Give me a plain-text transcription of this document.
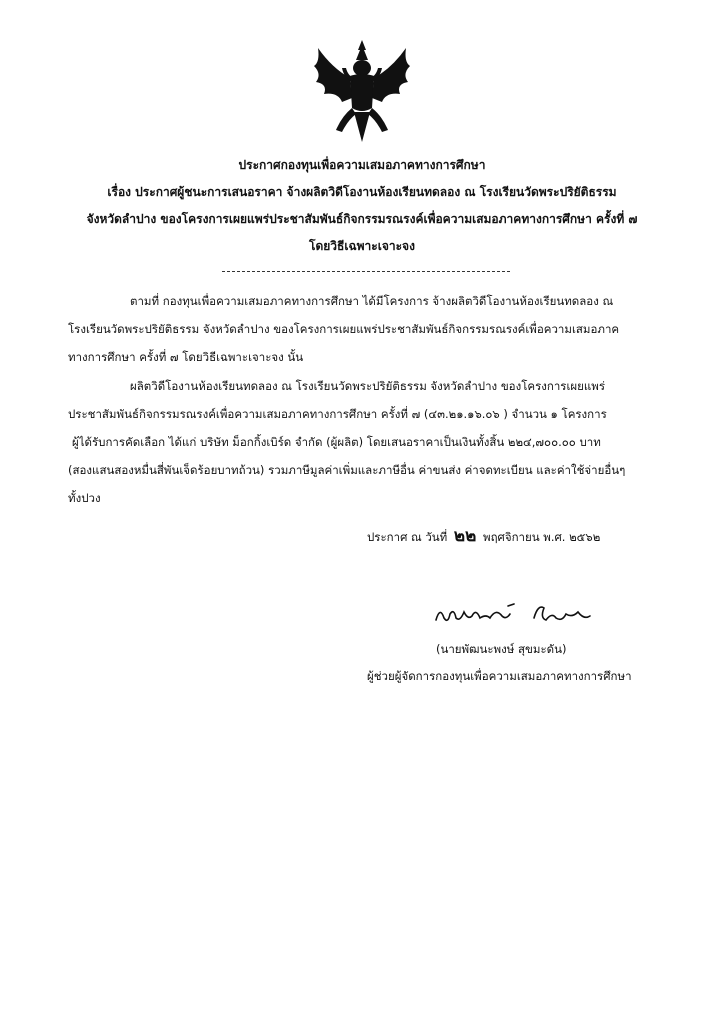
ประกาศกองทุนเพื่อความเสมอภาคทางการศึกษา
เรื่อง ประกาศผู้ชนะการเสนอราคา จ้างผลิตวิดีโองานห้องเรียนทดลอง ณ โรงเรียนวัดพระปริยัติธรรม
จังหวัดลำปาง ของโครงการเผยแพร่ประชาสัมพันธ์กิจกรรมรณรงค์เพื่อความเสมอภาคทางการศึกษา ครั้งที่ ๗
โดยวิธีเฉพาะเจาะจง
ตามที่ กองทุนเพื่อความเสมอภาคทางการศึกษา ได้มีโครงการ จ้างผลิตวิดีโองานห้องเรียนทดลอง ณ
โรงเรียนวัดพระปริยัติธรรม จังหวัดลำปาง ของโครงการเผยแพร่ประชาสัมพันธ์กิจกรรมรณรงค์เพื่อความเสมอภาค
ทางการศึกษา ครั้งที่ ๗ โดยวิธีเฉพาะเจาะจง นั้น
ผลิตวิดีโองานห้องเรียนทดลอง ณ โรงเรียนวัดพระปริยัติธรรม จังหวัดลำปาง ของโครงการเผยแพร่
ประชาสัมพันธ์กิจกรรมรณรงค์เพื่อความเสมอภาคทางการศึกษา ครั้งที่ ๗ (๔๓.๒๑.๑๖.๐๖ ) จำนวน ๑ โครงการ
ผู้ได้รับการคัดเลือก ได้แก่ บริษัท ม็อกกิ้งเบิร์ด จำกัด (ผู้ผลิต) โดยเสนอราคาเป็นเงินทั้งสิ้น ๒๒๔,๗๐๐.๐๐ บาท
(สองแสนสองหมื่นสี่พันเจ็ดร้อยบาทถ้วน) รวมภาษีมูลค่าเพิ่มและภาษีอื่น ค่าขนส่ง ค่าจดทะเบียน และค่าใช้จ่ายอื่นๆ
ทั้งปวง
ประกาศ ณ วันที่ ๒๒ พฤศจิกายน พ.ศ. ๒๕๖๒
(นายพัฒนะพงษ์ สุขมะดัน)
ผู้ช่วยผู้จัดการกองทุนเพื่อความเสมอภาคทางการศึกษา
